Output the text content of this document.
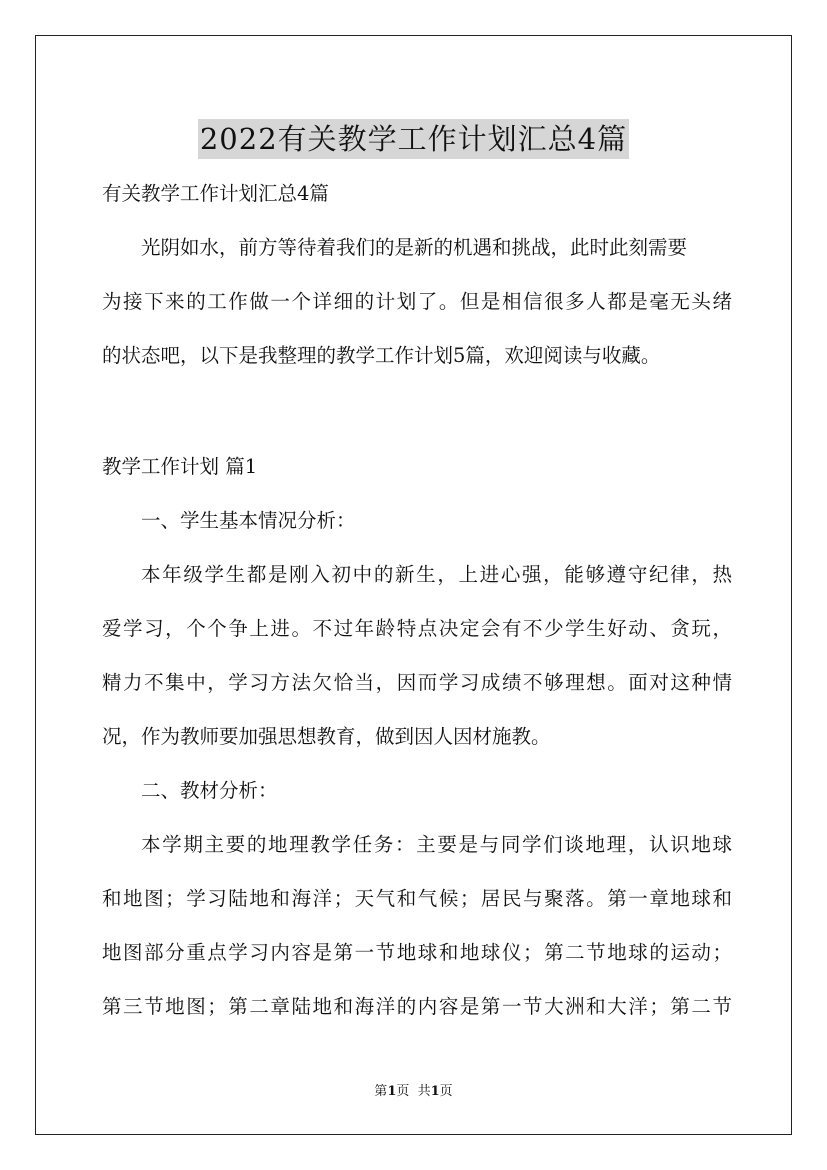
2022有关教学工作计划汇总4篇
有关教学工作计划汇总4篇
光阴如水，前方等待着我们的是新的机遇和挑战，此时此刻需要
为接下来的工作做一个详细的计划了。但是相信很多人都是毫无头绪
的状态吧，以下是我整理的教学工作计划5篇，欢迎阅读与收藏。
教学工作计划 篇1
一、学生基本情况分析：
本年级学生都是刚入初中的新生，上进心强，能够遵守纪律，热
爱学习，个个争上进。不过年龄特点决定会有不少学生好动、贪玩，
精力不集中，学习方法欠恰当，因而学习成绩不够理想。面对这种情
况，作为教师要加强思想教育，做到因人因材施教。
二、教材分析：
本学期主要的地理教学任务：主要是与同学们谈地理，认识地球
和地图；学习陆地和海洋；天气和气候；居民与聚落。第一章地球和
地图部分重点学习内容是第一节地球和地球仪；第二节地球的运动；
第三节地图；第二章陆地和海洋的内容是第一节大洲和大洋；第二节
第1页  共1页
